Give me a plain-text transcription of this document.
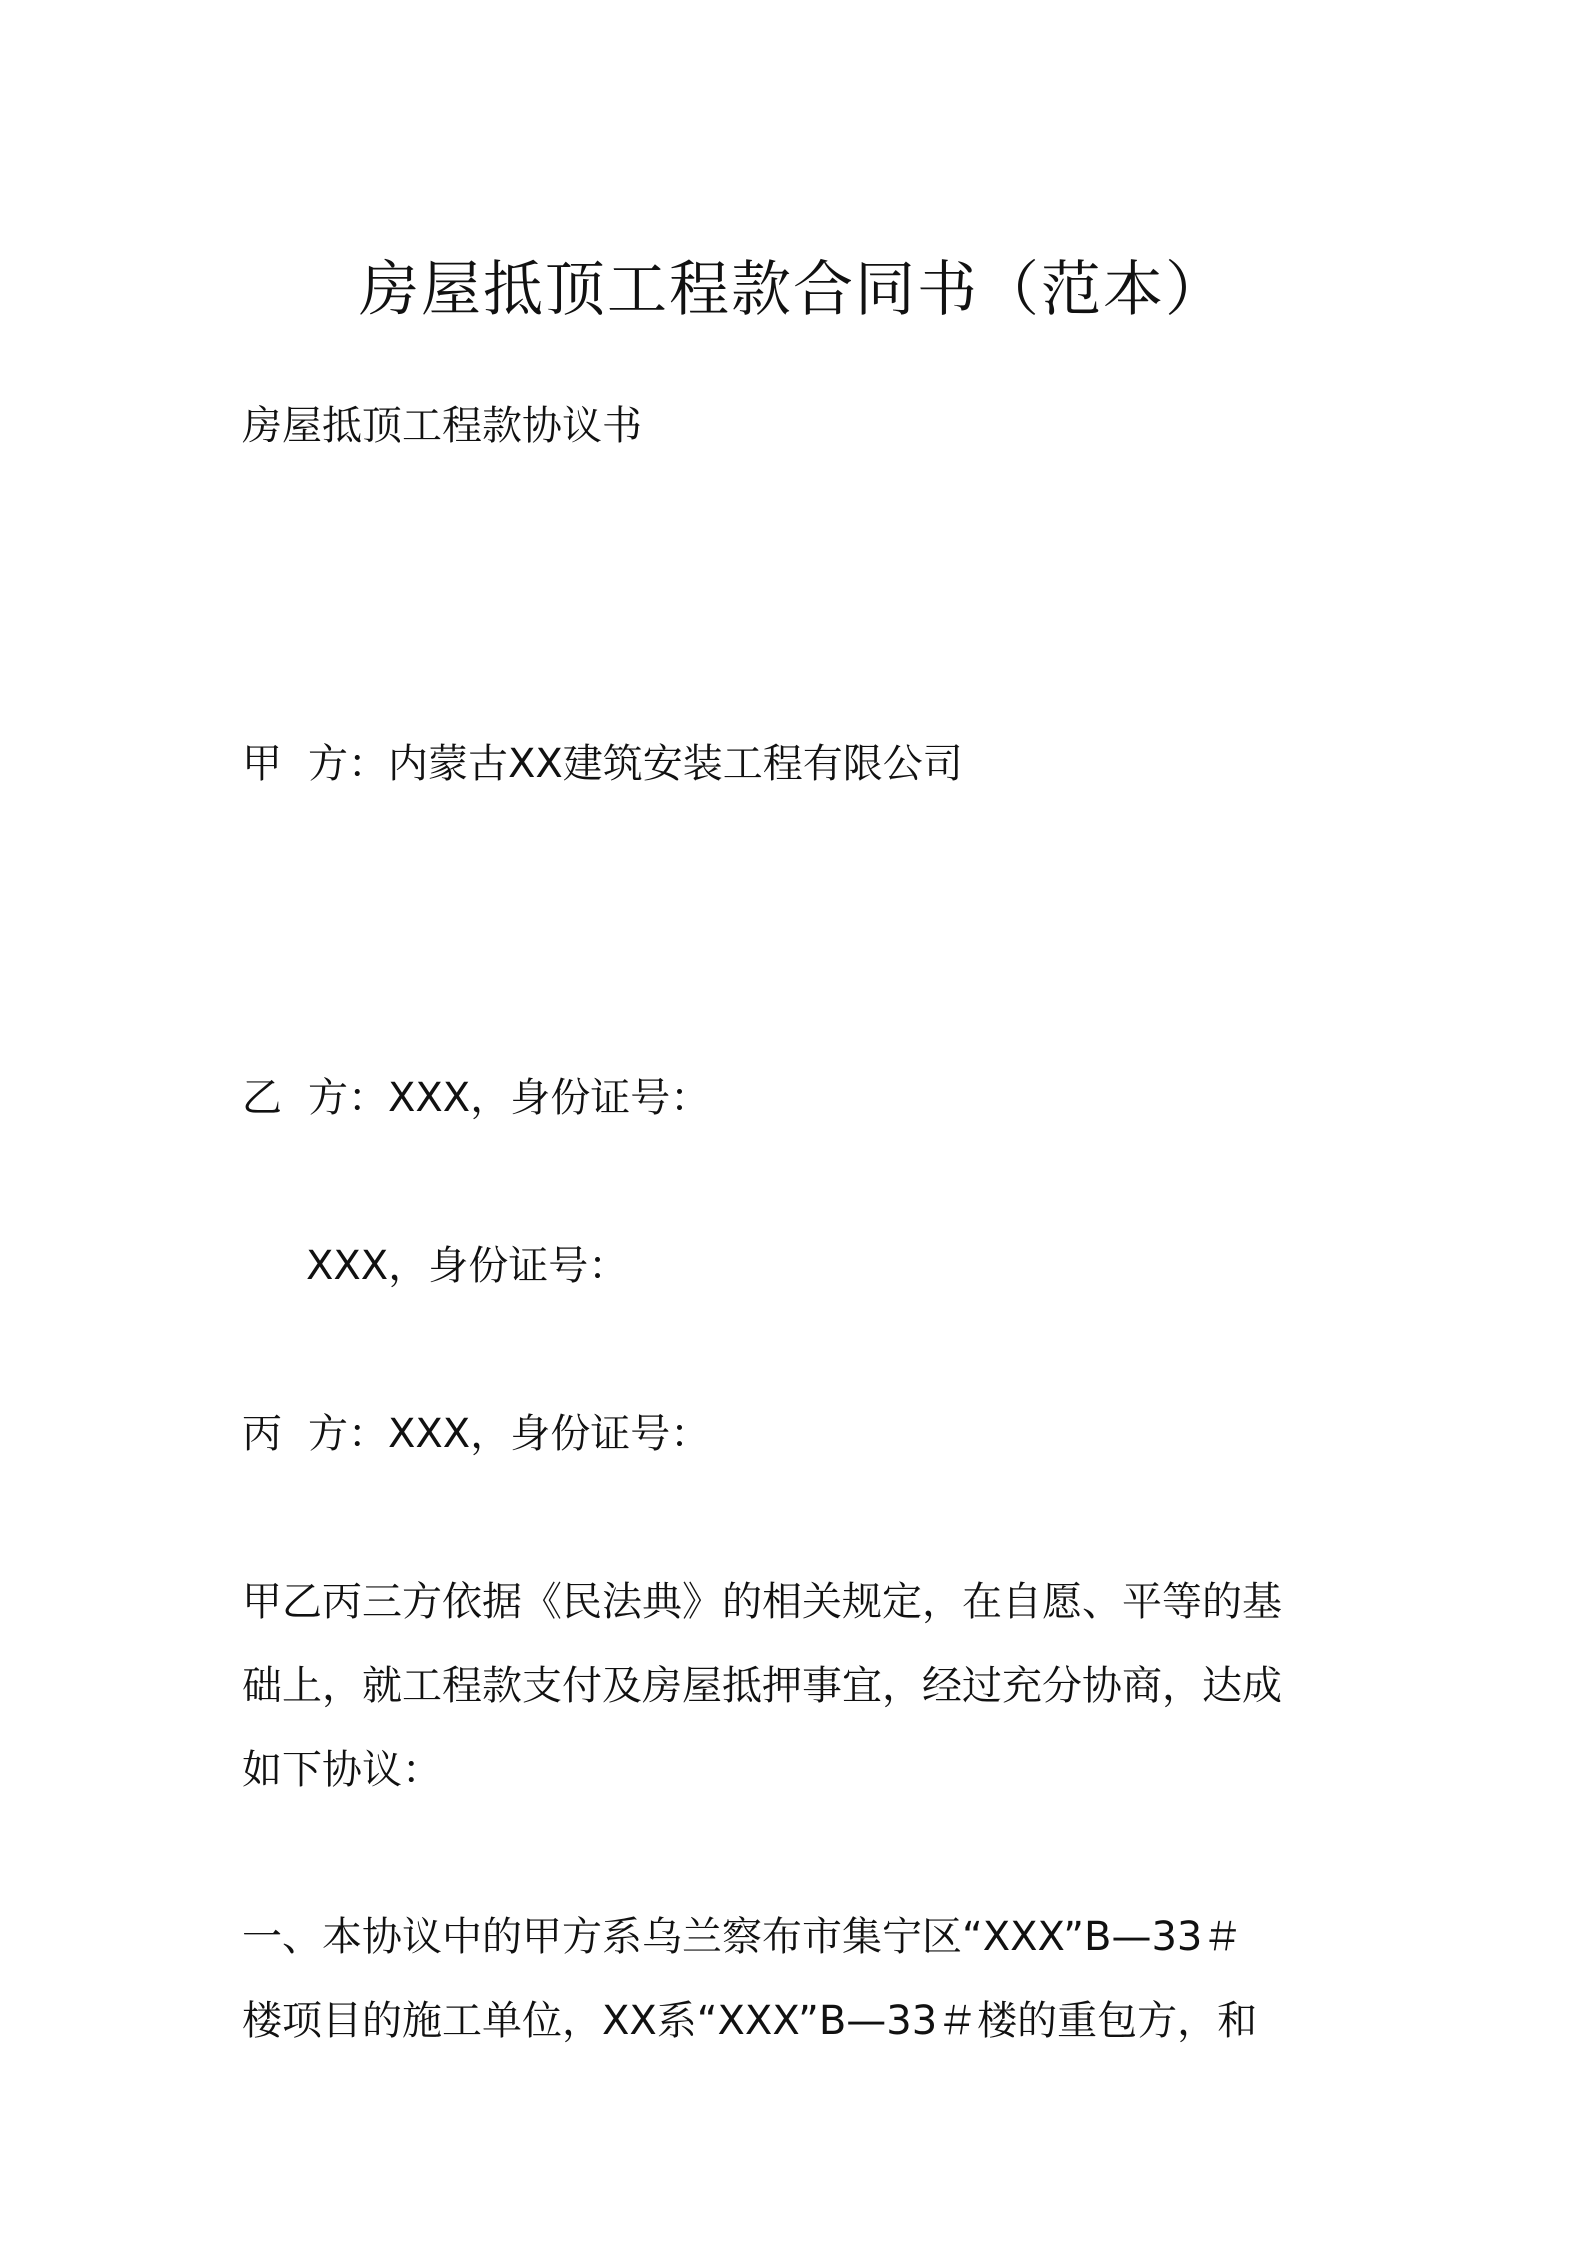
房屋抵顶工程款合同书（范本）
房屋抵顶工程款协议书
甲 方：内蒙古XX建筑安装工程有限公司
乙 方：XXX，身份证号：
XXX，身份证号：
丙 方：XXX，身份证号：

甲乙丙三方依据《民法典》的相关规定，在自愿、平等的基

础上，就工程款支付及房屋抵押事宜，经过充分协商，达成

如下协议：

一、本协议中的甲方系乌兰察布市集宁区“XXX”B—33＃

楼项目的施工单位，XX系“XXX”B—33＃楼的重包方，和
